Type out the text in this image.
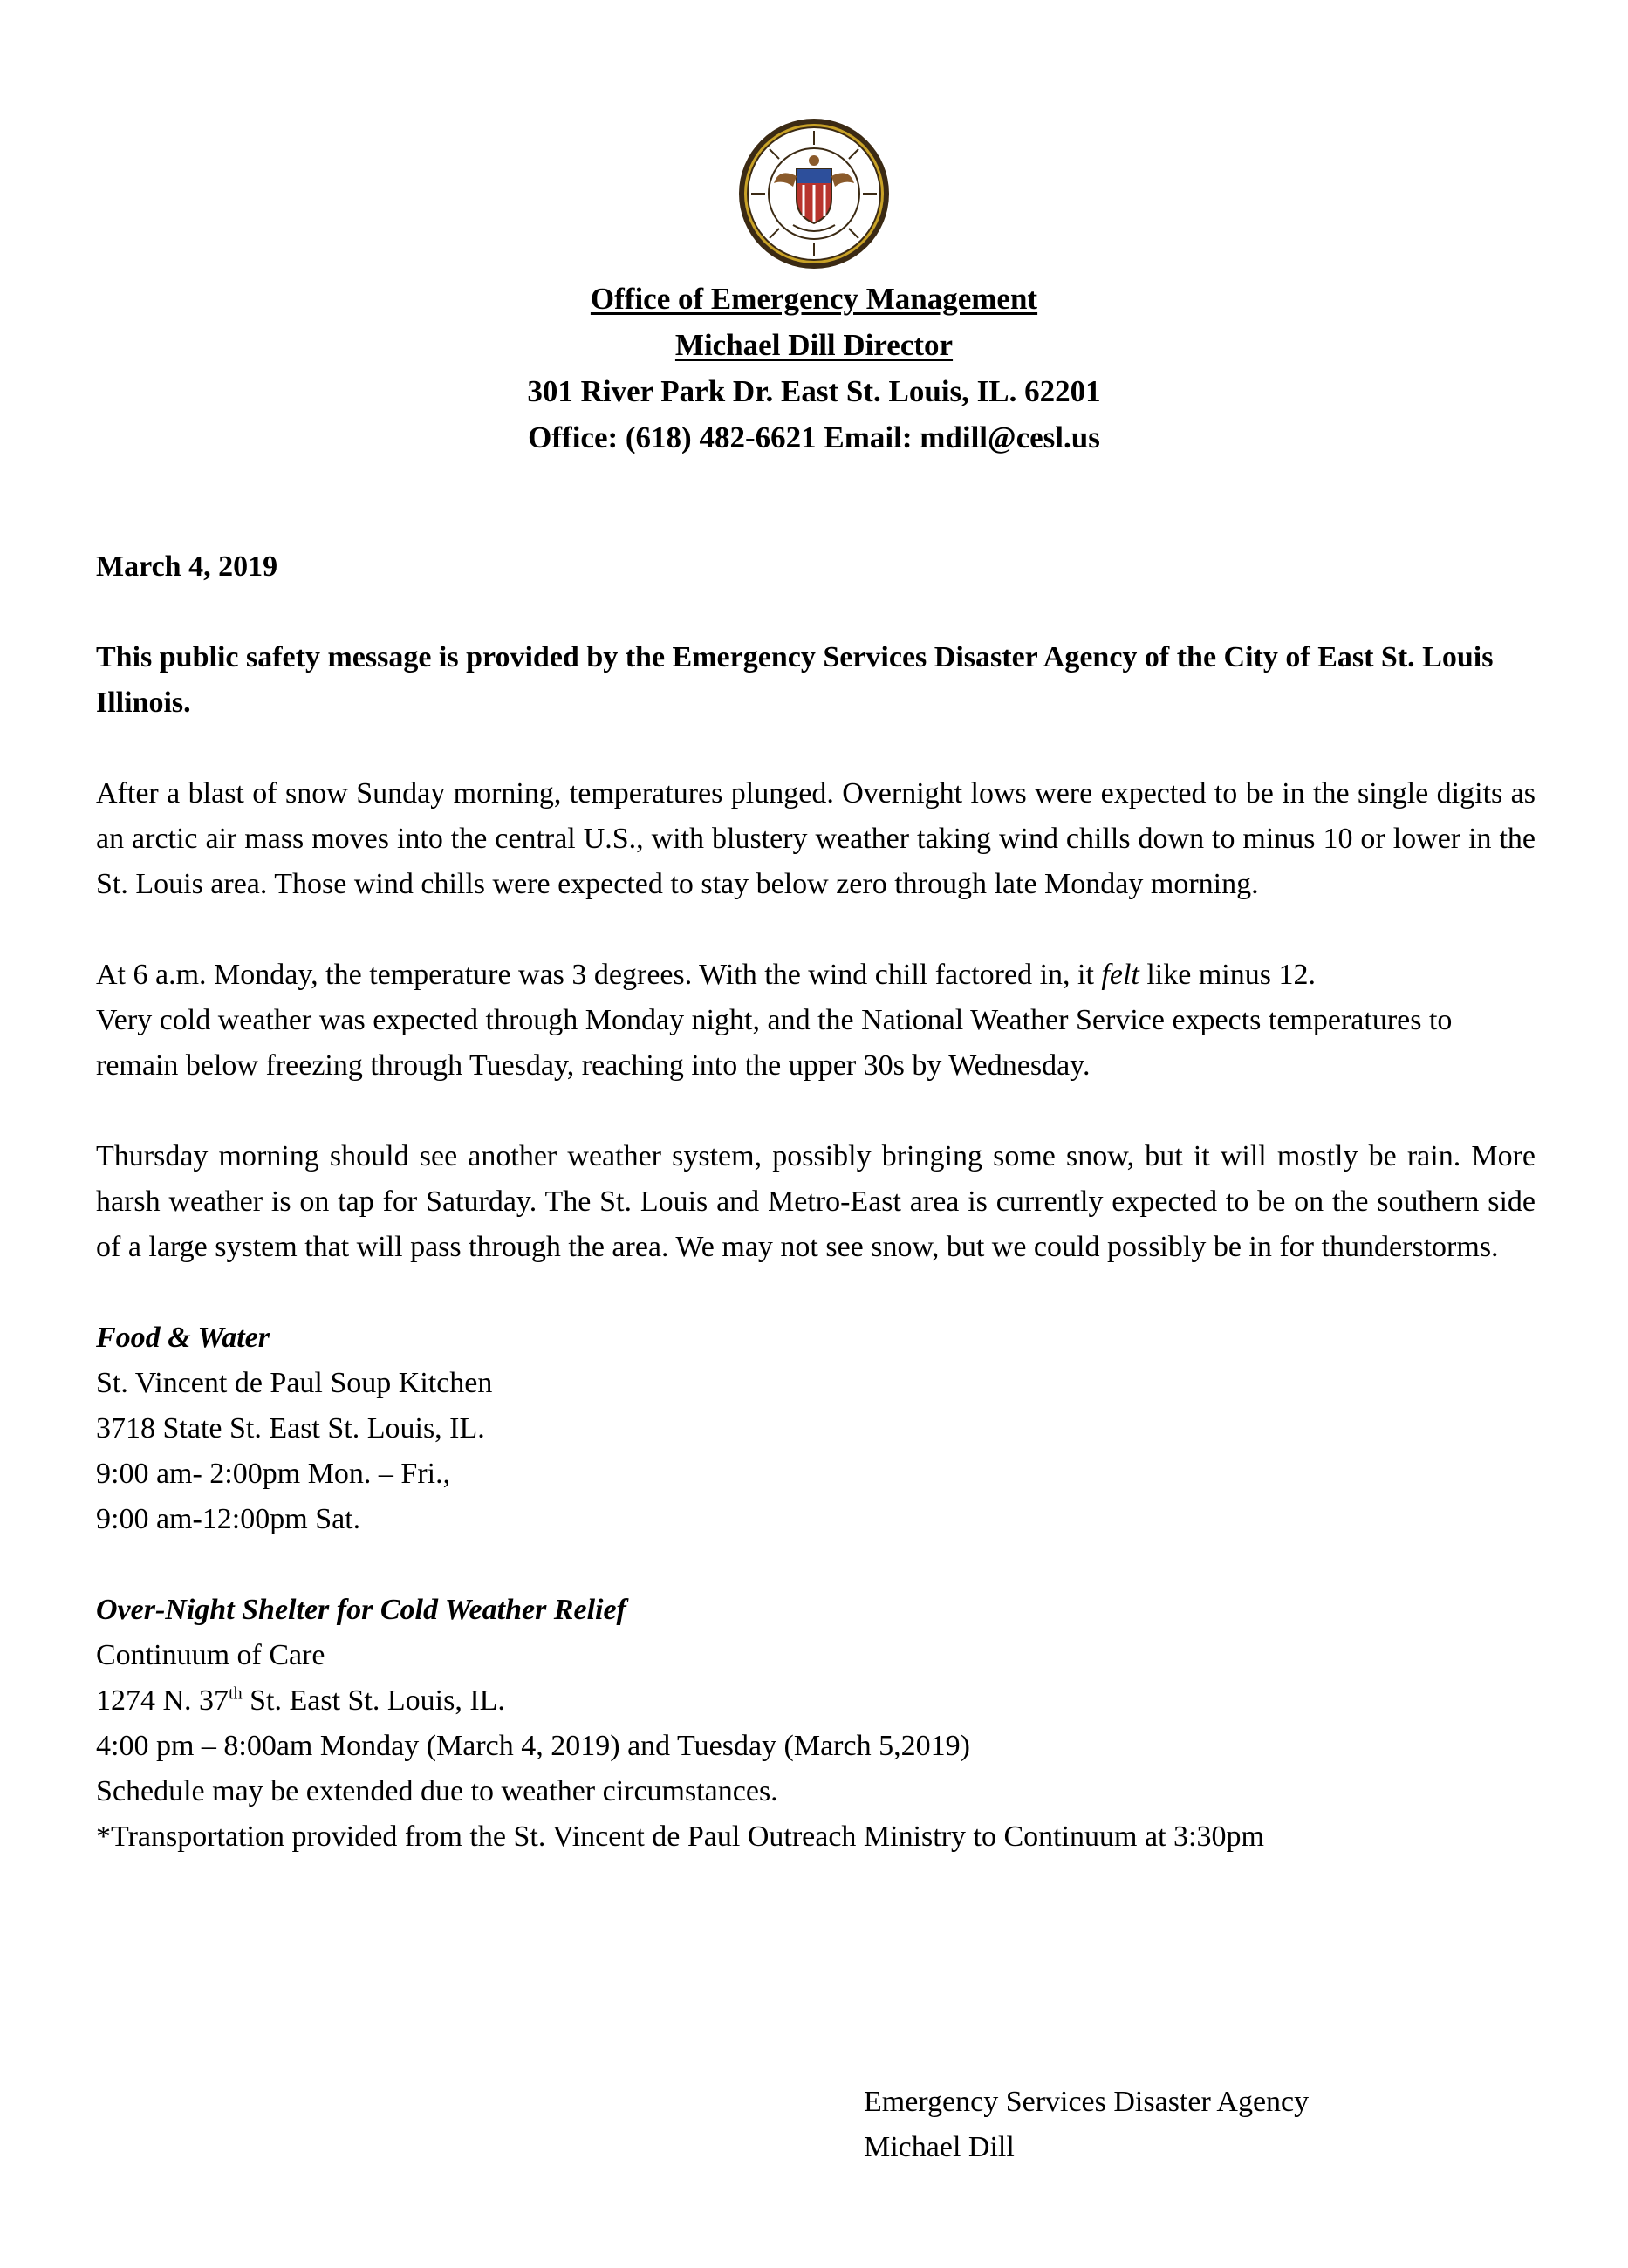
Office of Emergency Management
Michael Dill Director
301 River Park Dr. East St. Louis, IL. 62201
Office: (618) 482-6621 Email: mdill@cesl.us
March 4, 2019
This public safety message is provided by the Emergency Services Disaster Agency of the City of East St. Louis Illinois.
After a blast of snow Sunday morning, temperatures plunged. Overnight lows were expected to be in the single digits as an arctic air mass moves into the central U.S., with blustery weather taking wind chills down to minus 10 or lower in the St. Louis area. Those wind chills were expected to stay below zero through late Monday morning.
At 6 a.m. Monday, the temperature was 3 degrees. With the wind chill factored in, it felt like minus 12.
Very cold weather was expected through Monday night, and the National Weather Service expects temperatures to remain below freezing through Tuesday, reaching into the upper 30s by Wednesday.
Thursday morning should see another weather system, possibly bringing some snow, but it will mostly be rain. More harsh weather is on tap for Saturday. The St. Louis and Metro-East area is currently expected to be on the southern side of a large system that will pass through the area. We may not see snow, but we could possibly be in for thunderstorms.
Food & Water
St. Vincent de Paul Soup Kitchen
3718 State St. East St. Louis, IL.
9:00 am- 2:00pm Mon. – Fri.,
9:00 am-12:00pm Sat.
Over-Night Shelter for Cold Weather Relief
Continuum of Care
1274 N. 37th St. East St. Louis, IL.
4:00 pm – 8:00am Monday (March 4, 2019) and Tuesday (March 5,2019)
Schedule may be extended due to weather circumstances.
*Transportation provided from the St. Vincent de Paul Outreach Ministry to Continuum at 3:30pm
Emergency Services Disaster Agency
Michael Dill
